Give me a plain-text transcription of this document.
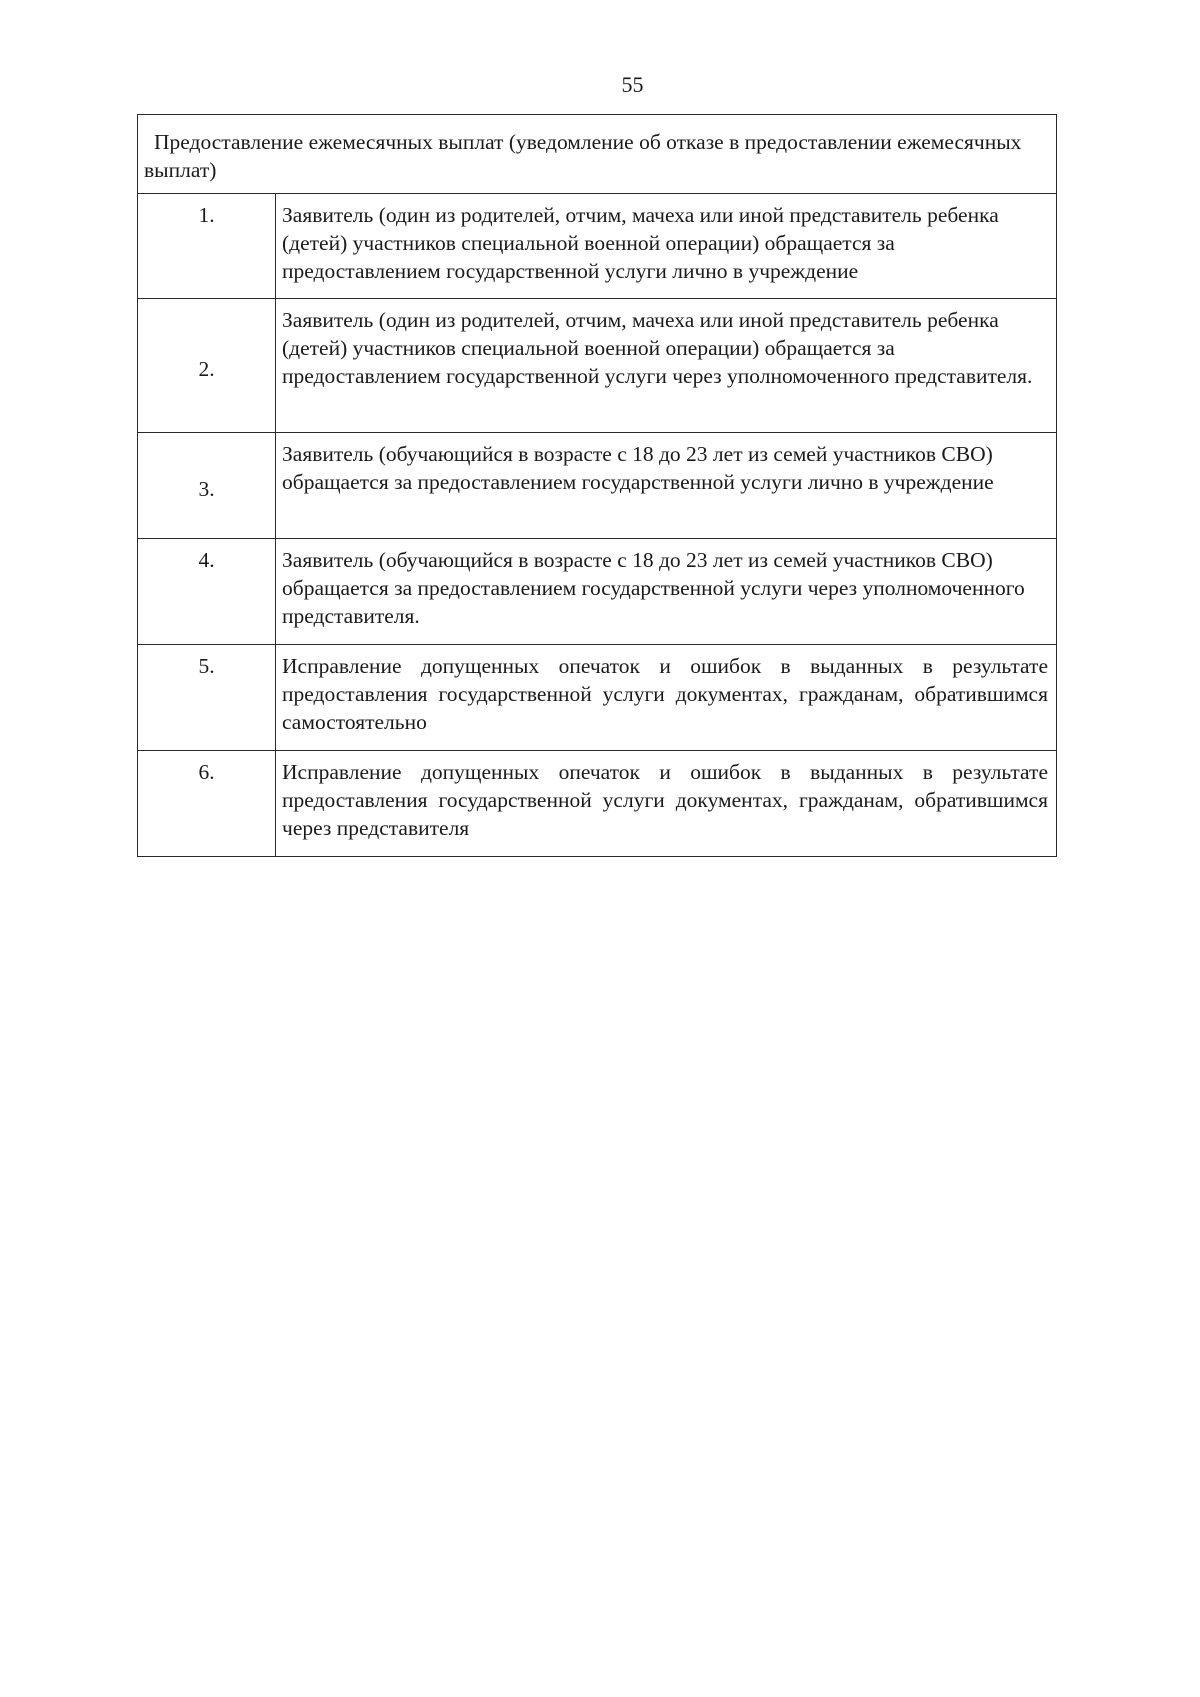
55
Предоставление ежемесячных выплат (уведомление об отказе в предоставлении ежемесячных выплат)	
1.	Заявитель (один из родителей, отчим, мачеха или иной представитель ребенка (детей) участников специальной военной операции) обращается за предоставлением государственной услуги лично в учреждение
2.	Заявитель (один из родителей, отчим, мачеха или иной представитель ребенка (детей) участников специальной военной операции) обращается за предоставлением государственной услуги через уполномоченного представителя.
3.	Заявитель (обучающийся в возрасте с 18 до 23 лет из семей участников СВО) обращается за предоставлением государственной услуги лично в учреждение
4.	Заявитель (обучающийся в возрасте с 18 до 23 лет из семей участников СВО) обращается за предоставлением государственной услуги через уполномоченного представителя.
5.	Исправление допущенных опечаток и ошибок в выданных в результате предоставления государственной услуги документах, гражданам, обратившимся самостоятельно
6.	Исправление допущенных опечаток и ошибок в выданных в результате предоставления государственной услуги документах, гражданам, обратившимся через представителя
